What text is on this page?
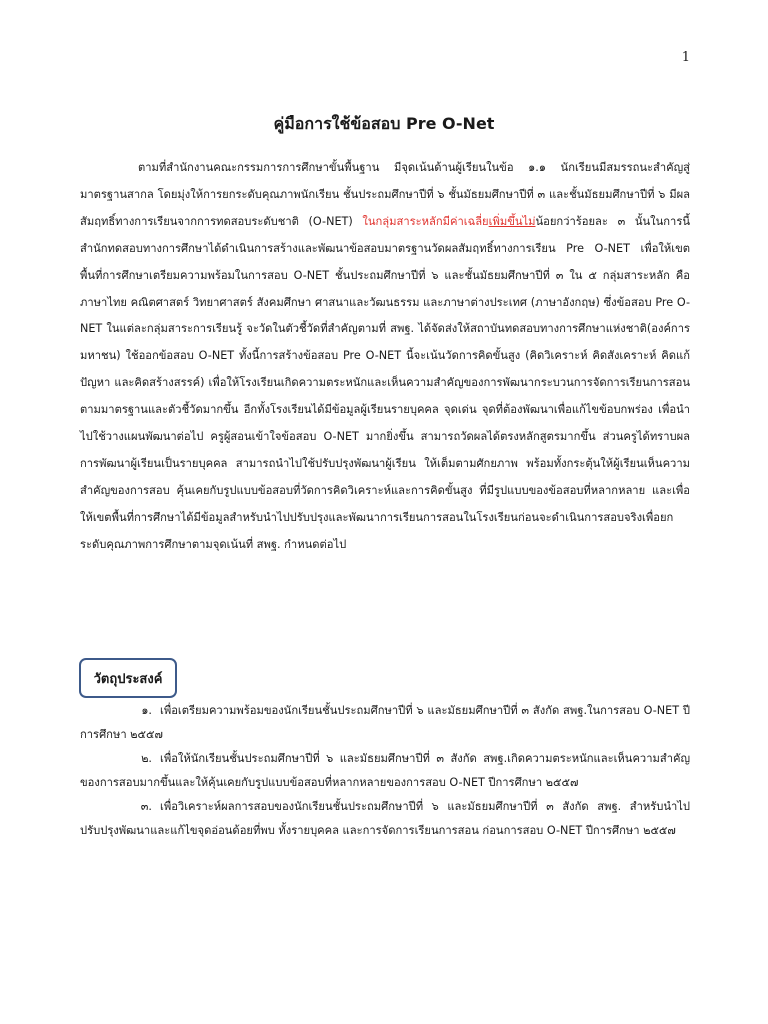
1
คู่มือการใช้ข้อสอบ Pre O-Net
ตามที่สำนักงานคณะกรรมการการศึกษาขั้นพื้นฐาน มีจุดเน้นด้านผู้เรียนในข้อ ๑.๑ นักเรียนมีสมรรถนะสำคัญสู่มาตรฐานสากล โดยมุ่งให้การยกระดับคุณภาพนักเรียน ชั้นประถมศึกษาปีที่ ๖ ชั้นมัธยมศึกษาปีที่ ๓ และชั้นมัธยมศึกษาปีที่ ๖ มีผลสัมฤทธิ์ทางการเรียนจากการทดสอบระดับชาติ (O-NET) ในกลุ่มสาระหลักมีค่าเฉลี่ยเพิ่มขึ้นไม่น้อยกว่าร้อยละ ๓ นั้นในการนี้สำนักทดสอบทางการศึกษาได้ดำเนินการสร้างและพัฒนาข้อสอบมาตรฐานวัดผลสัมฤทธิ์ทางการเรียน Pre O-NET เพื่อให้เขตพื้นที่การศึกษาเตรียมความพร้อมในการสอบ O-NET ชั้นประถมศึกษาปีที่ ๖ และชั้นมัธยมศึกษาปีที่ ๓ ใน ๕ กลุ่มสาระหลัก คือ ภาษาไทย คณิตศาสตร์ วิทยาศาสตร์ สังคมศึกษา ศาสนาและวัฒนธรรม และภาษาต่างประเทศ (ภาษาอังกฤษ) ซึ่งข้อสอบ Pre O-NET ในแต่ละกลุ่มสาระการเรียนรู้ จะวัดในตัวชี้วัดที่สำคัญตามที่ สพฐ. ได้จัดส่งให้สถาบันทดสอบทางการศึกษาแห่งชาติ(องค์การมหาชน) ใช้ออกข้อสอบ O-NET ทั้งนี้การสร้างข้อสอบ Pre O-NET นี้จะเน้นวัดการคิดขั้นสูง (คิดวิเคราะห์ คิดสังเคราะห์ คิดแก้ปัญหา และคิดสร้างสรรค์) เพื่อให้โรงเรียนเกิดความตระหนักและเห็นความสำคัญของการพัฒนากระบวนการจัดการเรียนการสอนตามมาตรฐานและตัวชี้วัดมากขึ้น อีกทั้งโรงเรียนได้มีข้อมูลผู้เรียนรายบุคคล จุดเด่น จุดที่ต้องพัฒนาเพื่อแก้ไขข้อบกพร่อง เพื่อนำไปใช้วางแผนพัฒนาต่อไป ครูผู้สอนเข้าใจข้อสอบ O-NET มากยิ่งขึ้น สามารถวัดผลได้ตรงหลักสูตรมากขึ้น ส่วนครูได้ทราบผลการพัฒนาผู้เรียนเป็นรายบุคคล สามารถนำไปใช้ปรับปรุงพัฒนาผู้เรียน ให้เต็มตามศักยภาพ พร้อมทั้งกระตุ้นให้ผู้เรียนเห็นความสำคัญของการสอบ คุ้นเคยกับรูปแบบข้อสอบที่วัดการคิดวิเคราะห์และการคิดขั้นสูง ที่มีรูปแบบของข้อสอบที่หลากหลาย และเพื่อให้เขตพื้นที่การศึกษาได้มีข้อมูลสำหรับนำไปปรับปรุงและพัฒนาการเรียนการสอนในโรงเรียนก่อนจะดำเนินการสอบจริงเพื่อยกระดับคุณภาพการศึกษาตามจุดเน้นที่ สพฐ. กำหนดต่อไป
วัตถุประสงค์

๑. เพื่อเตรียมความพร้อมของนักเรียนชั้นประถมศึกษาปีที่ ๖ และมัธยมศึกษาปีที่ ๓ สังกัด สพฐ.ในการสอบ O-NET ปีการศึกษา ๒๕๕๗

๒. เพื่อให้นักเรียนชั้นประถมศึกษาปีที่ ๖ และมัธยมศึกษาปีที่ ๓ สังกัด สพฐ.เกิดความตระหนักและเห็นความสำคัญของการสอบมากขึ้นและให้คุ้นเคยกับรูปแบบข้อสอบที่หลากหลายของการสอบ O-NET ปีการศึกษา ๒๕๕๗

๓. เพื่อวิเคราะห์ผลการสอบของนักเรียนชั้นประถมศึกษาปีที่ ๖ และมัธยมศึกษาปีที่ ๓ สังกัด สพฐ. สำหรับนำไปปรับปรุงพัฒนาและแก้ไขจุดอ่อนด้อยที่พบ ทั้งรายบุคคล และการจัดการเรียนการสอน ก่อนการสอบ O-NET ปีการศึกษา ๒๕๕๗
